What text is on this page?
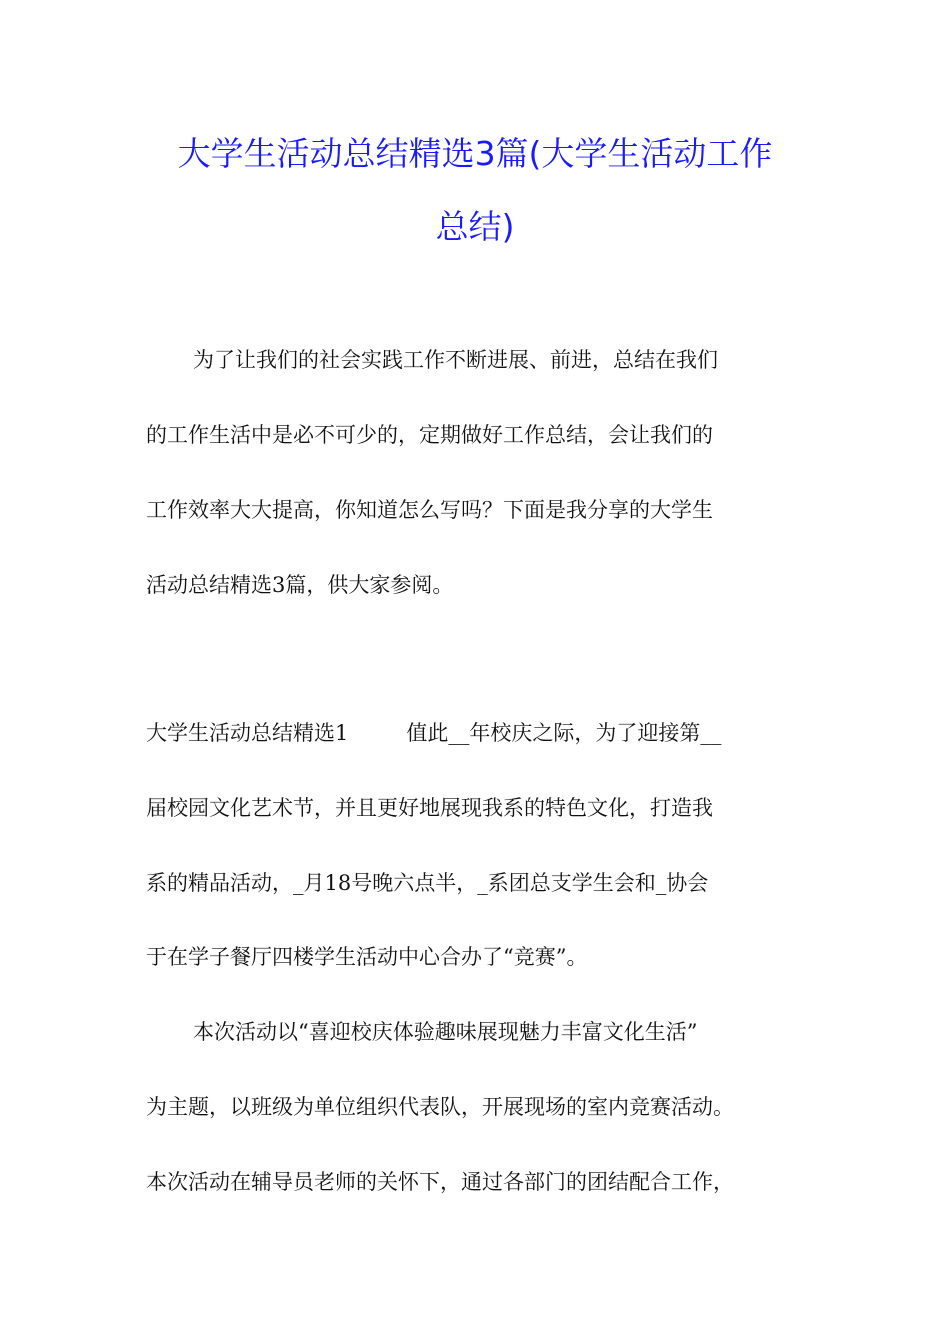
大学生活动总结精选3篇(大学生活动工作
总结)

为了让我们的社会实践工作不断进展、前进，总结在我们

的工作生活中是必不可少的，定期做好工作总结，会让我们的

工作效率大大提高，你知道怎么写吗？下面是我分享的大学生

活动总结精选3篇，供大家参阅。

大学生活动总结精选1	值此__年校庆之际，为了迎接第__

届校园文化艺术节，并且更好地展现我系的特色文化，打造我

系的精品活动，_月18号晚六点半，_系团总支学生会和_协会

于在学子餐厅四楼学生活动中心合办了“竞赛”。

本次活动以“喜迎校庆体验趣味展现魅力丰富文化生活”

为主题，以班级为单位组织代表队，开展现场的室内竞赛活动。

本次活动在辅导员老师的关怀下，通过各部门的团结配合工作，
